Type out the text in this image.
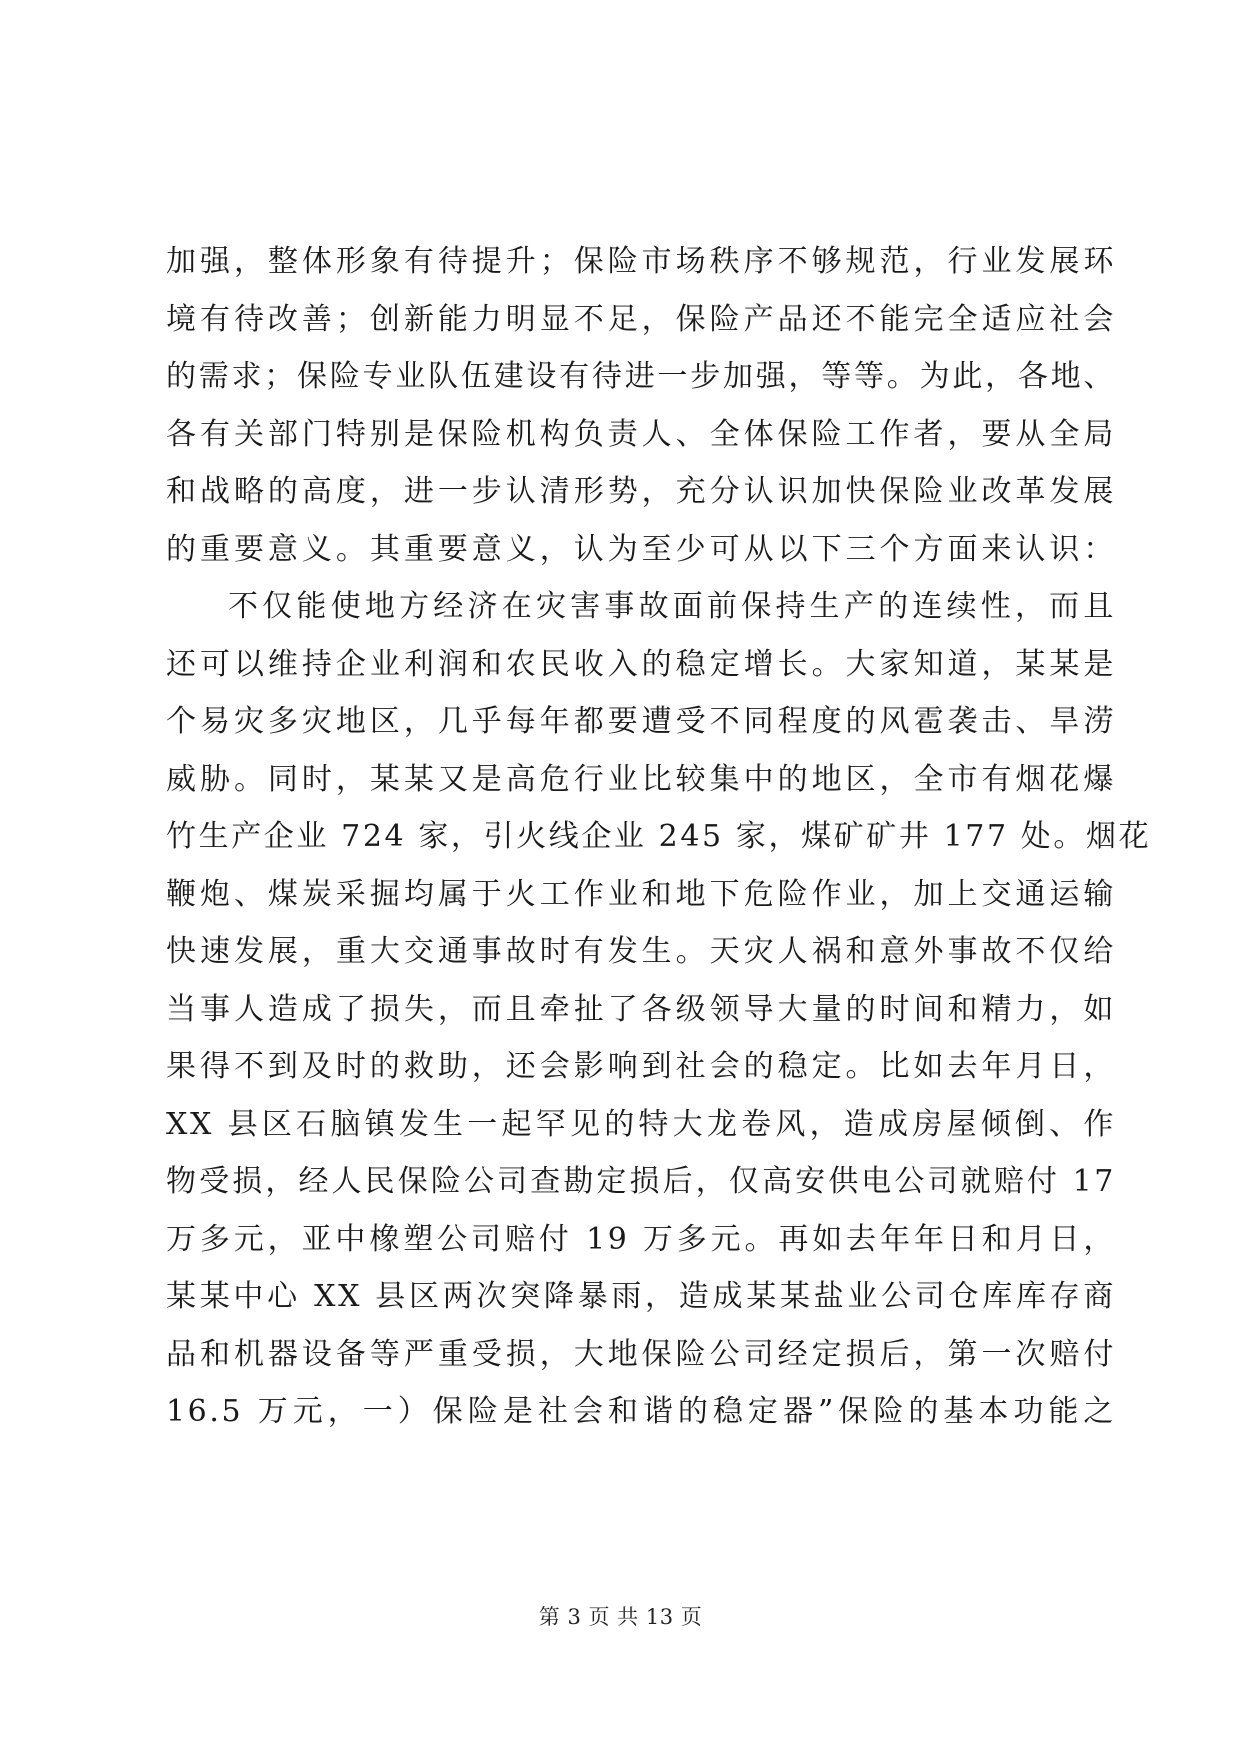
加强，整体形象有待提升；保险市场秩序不够规范，行业发展环
境有待改善；创新能力明显不足，保险产品还不能完全适应社会
的需求；保险专业队伍建设有待进一步加强，等等。为此，各地、
各有关部门特别是保险机构负责人、全体保险工作者，要从全局
和战略的高度，进一步认清形势，充分认识加快保险业改革发展
的重要意义。其重要意义，认为至少可从以下三个方面来认识：
不仅能使地方经济在灾害事故面前保持生产的连续性，而且
还可以维持企业利润和农民收入的稳定增长。大家知道，某某是
个易灾多灾地区，几乎每年都要遭受不同程度的风雹袭击、旱涝
威胁。同时，某某又是高危行业比较集中的地区，全市有烟花爆
竹生产企业 724 家，引火线企业 245 家，煤矿矿井 177 处。烟花
鞭炮、煤炭采掘均属于火工作业和地下危险作业，加上交通运输
快速发展，重大交通事故时有发生。天灾人祸和意外事故不仅给
当事人造成了损失，而且牵扯了各级领导大量的时间和精力，如
果得不到及时的救助，还会影响到社会的稳定。比如去年月日，
XX 县区石脑镇发生一起罕见的特大龙卷风，造成房屋倾倒、作
物受损，经人民保险公司查勘定损后，仅高安供电公司就赔付 17
万多元，亚中橡塑公司赔付 19 万多元。再如去年年日和月日，
某某中心 XX 县区两次突降暴雨，造成某某盐业公司仓库库存商
品和机器设备等严重受损，大地保险公司经定损后，第一次赔付
16.5 万元，一）保险是社会和谐的稳定器”保险的基本功能之
第 3 页 共 13 页
